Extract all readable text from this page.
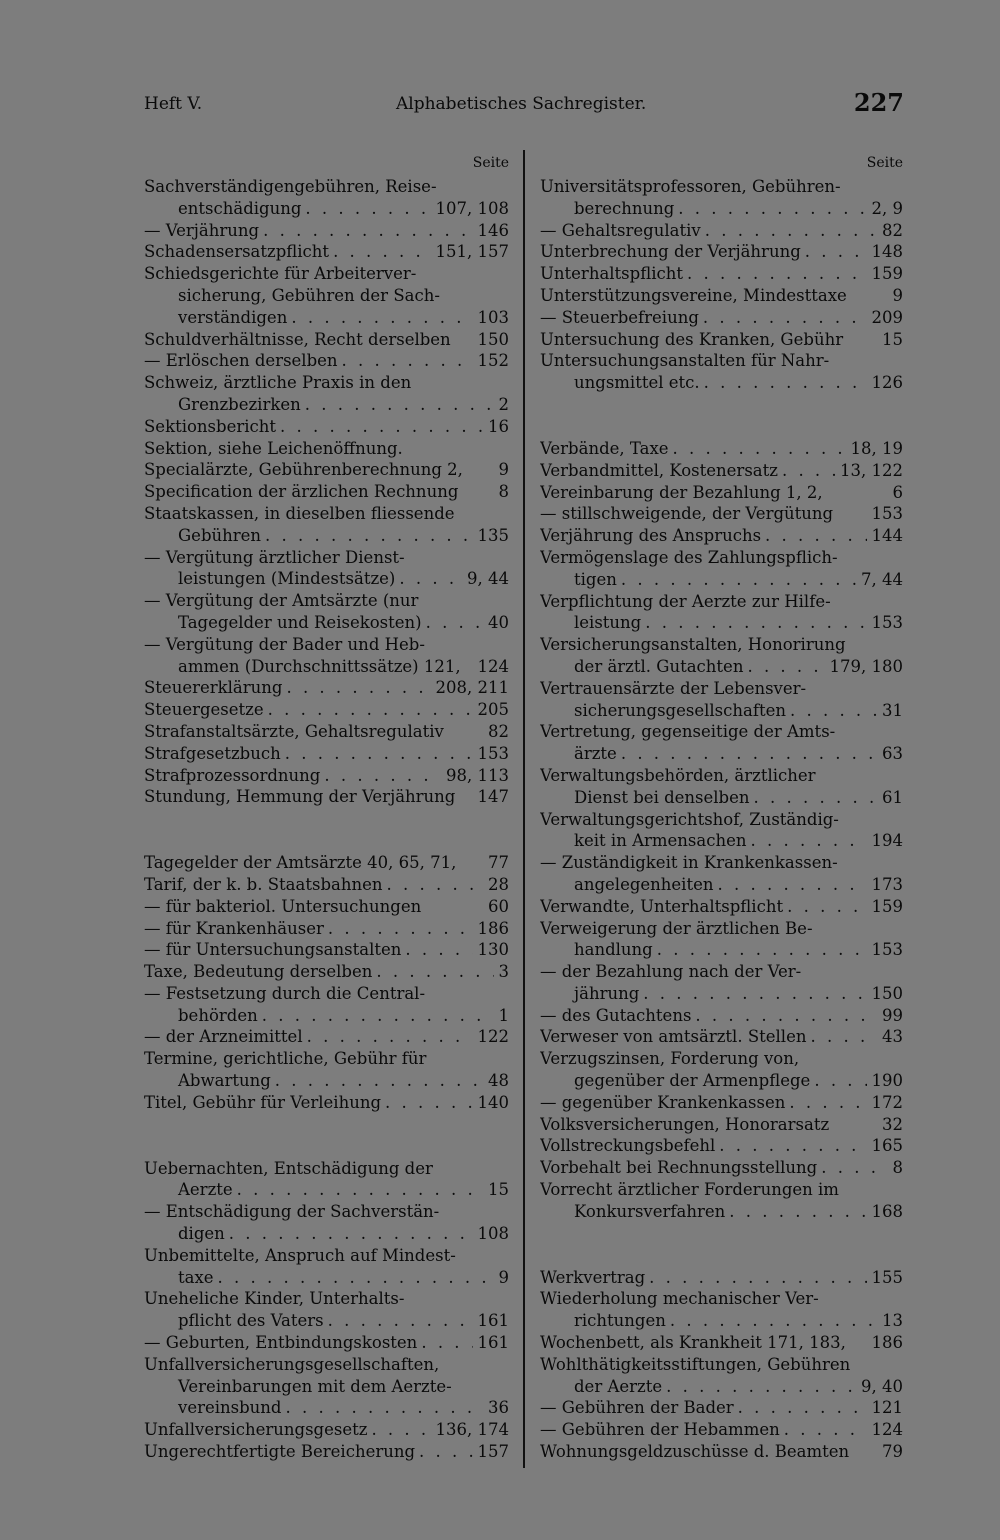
Heft V.	Alphabetisches Sachregister.	227
Seite
Sachverständigengebühren, Reise-
entschädigung . . .	107, 108
— Verjährung . . .	146
Schadensersatzpflicht . . .	151, 157
Schiedsgerichte für Arbeiterver-
sicherung, Gebühren der Sach-
verständigen . . .	103
Schuldverhältnisse, Recht derselben 150
— Erlöschen derselben . . .	152
Schweiz, ärztliche Praxis in den
Grenzbezirken . . .	2
Sektionsbericht . . .	16
Sektion, siehe Leichenöffnung.
Specialärzte, Gebührenberechnung 2, 9
Specification der ärzlichen Rechnung 8
Staatskassen, in dieselben fliessende
Gebühren . . .	135
— Vergütung ärztlicher Dienst-
leistungen (Mindestsätze) . . .	9, 44
— Vergütung der Amtsärzte (nur
Tagegelder und Reisekosten) . . .	40
— Vergütung der Bader und Heb-
ammen (Durchschnittssätze) 121, 124
Steuererklärung . . .	208, 211
Steuergesetze . . .	205
Strafanstaltsärzte, Gehaltsregulativ	82
Strafgesetzbuch . . .	153
Strafprozessordnung . . .	98, 113
Stundung, Hemmung der Verjährung 147
Tagegelder der Amtsärzte 40, 65, 71, 77
Tarif, der k. b. Staatsbahnen . . .	28
— für bakteriol. Untersuchungen	60
— für Krankenhäuser . . .	186
— für Untersuchungsanstalten . . .	130
Taxe, Bedeutung derselben . . .	3
— Festsetzung durch die Central-
behörden . . .	1
— der Arzneimittel . . .	122
Termine, gerichtliche, Gebühr für
Abwartung . . .	48
Titel, Gebühr für Verleihung . . .	140
Uebernachten, Entschädigung der
Aerzte . . .	15
— Entschädigung der Sachverstän-
digen . . .	108
Unbemittelte, Anspruch auf Mindest-
taxe . . .	9
Uneheliche Kinder, Unterhalts-
pflicht des Vaters . . .	161
— Geburten, Entbindungskosten . . .	161
Unfallversicherungsgesellschaften,
Vereinbarungen mit dem Aerzte-
vereinsbund . . .	36
Unfallversicherungsgesetz . . .	136, 174
Ungerechtfertigte Bereicherung . . .	157
Seite
Universitätsprofessoren, Gebühren-
berechnung . . .	2, 9
— Gehaltsregulativ . . .	82
Unterbrechung der Verjährung . . .	148
Unterhaltspflicht . . .	159
Unterstützungsvereine, Mindesttaxe	9
— Steuerbefreiung . . .	209
Untersuchung des Kranken, Gebühr 15
Untersuchungsanstalten für Nahr-
ungsmittel etc. . . .	126
Verbände, Taxe . . .	18, 19
Verbandmittel, Kostenersatz . . .	13, 122
Vereinbarung der Bezahlung 1, 2,	6
— stillschweigende, der Vergütung 153
Verjährung des Anspruchs . . .	144
Vermögenslage des Zahlungspflich-
tigen . . .	7, 44
Verpflichtung der Aerzte zur Hilfe-
leistung . . .	153
Versicherungsanstalten, Honorirung
der ärztl. Gutachten . . .	179, 180
Vertrauensärzte der Lebensver-
sicherungsgesellschaften . . .	31
Vertretung, gegenseitige der Amts-
ärzte . . .	63
Verwaltungsbehörden, ärztlicher
Dienst bei denselben . . .	61
Verwaltungsgerichtshof, Zuständig-
keit in Armensachen . . .	194
— Zuständigkeit in Krankenkassen-
angelegenheiten . . .	173
Verwandte, Unterhaltspflicht . . .	159
Verweigerung der ärztlichen Be-
handlung . . .	153
— der Bezahlung nach der Ver-
jährung . . .	150
— des Gutachtens . . .	99
Verweser von amtsärztl. Stellen . . .	43
Verzugszinsen, Forderung von,
gegenüber der Armenpflege . . .	190
— gegenüber Krankenkassen . . .	172
Volksversicherungen, Honorarsatz	32
Vollstreckungsbefehl . . .	165
Vorbehalt bei Rechnungsstellung . . .	8
Vorrecht ärztlicher Forderungen im
Konkursverfahren . . .	168
Werkvertrag . . .	155
Wiederholung mechanischer Ver-
richtungen . . .	13
Wochenbett, als Krankheit 171, 183, 186
Wohlthätigkeitsstiftungen, Gebühren
der Aerzte . . .	9, 40
— Gebühren der Bader . . .	121
— Gebühren der Hebammen . . .	124
Wohnungsgeldzuschüsse d. Beamten 79
